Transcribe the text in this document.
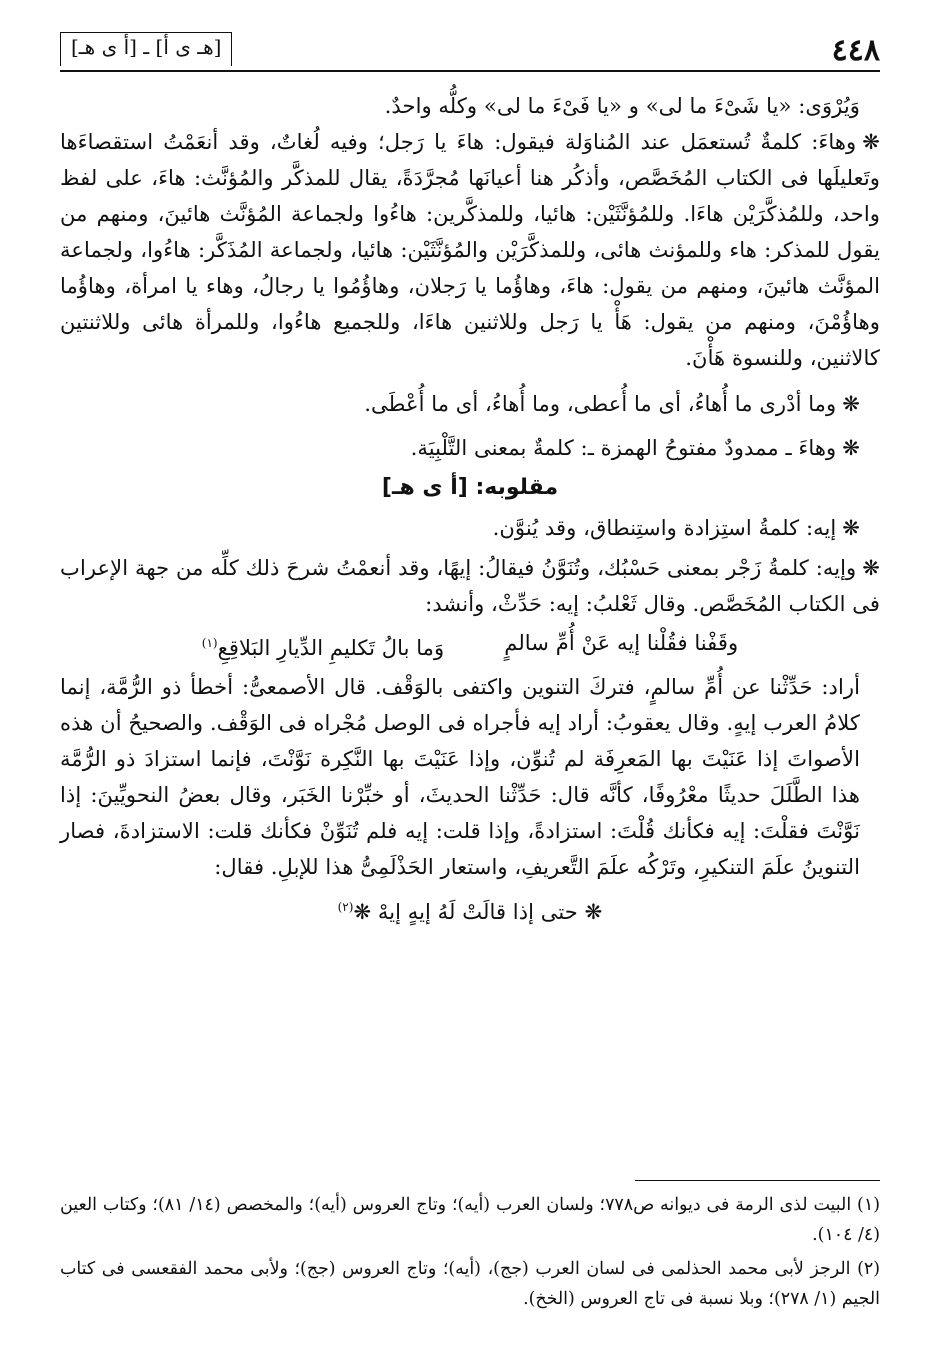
٤٤٨
[هـ ى أ] ـ [أ ى هـ]

وَيُرْوَى: «يا شَىْءَ ما لى» و «يا فَىْءَ ما لى» وكلُّه واحدٌ.

❋وهاءَ: كلمةٌ تُستعمَل عند المُناوَلة فيقول: هاءَ يا رَجل؛ وفيه لُغاتٌ، وقد أنعَمْتُ استقصاءَها وتَعليلَها فى الكتاب المُخَصَّص، وأذكُر هنا أعيانَها مُجرَّدَةً، يقال للمذكَّر والمُؤنَّث: هاءَ، على لفظ واحد، وللمُذكَّرَيْن هاءَا. وللمُؤنَّثَيْن: هائيا، وللمذكَّرين: هاءُوا ولجماعة المُؤنَّث هائينَ، ومنهم من يقول للمذكر: هاء وللمؤنث هائى، وللمذكَّرَيْن والمُؤنَّثَيْن: هائيا، ولجماعة المُذَكَّر: هاءُوا، ولجماعة المؤنَّث هائينَ، ومنهم من يقول: هاءَ، وهاؤُما يا رَجلان، وهاؤُمُوا يا رجالُ، وهاء يا امرأة، وهاؤُما وهاؤُمْنَ، ومنهم من يقول: هَأْ يا رَجل وللاثنين هاءَا، وللجميع هاءُوا، وللمرأة هائى وللاثنتين كالاثنين، وللنسوة هَأْنَ.

❋وما أدْرى ما أُهاءُ، أى ما أُعطى، وما أُهاءُ، أى ما أُعْطَى.

❋وهاءَ ـ ممدودٌ مفتوحُ الهمزة ـ: كلمةٌ بمعنى التَّلْبِيَة.

مقلوبه: [أ ى هـ]

❋إيه: كلمةُ استِزادة واستِنطاق، وقد يُنوَّن.

❋وإيه: كلمةُ زَجْر بمعنى حَسْبُك، وتُنَوَّنُ فيقالُ: إيهًا، وقد أنعمْتُ شرحَ ذلك كلِّه من جهة الإعراب فى الكتاب المُخَصَّص. وقال ثَعْلبُ: إيه: حَدِّثْ، وأنشد:

وقَفْنا فقُلْنا إيه عَنْ أُمِّ سالمٍ
وَما بالُ تَكليمِ الدِّيارِ البَلاقِعِ$^{(١)}$

أراد: حَدِّثْنا عن أُمِّ سالمٍ، فتركَ التنوين واكتفى بالوَقْف. قال الأصمعىُّ: أخطأ ذو الرُّمَّة، إنما كلامُ العرب إيهٍ. وقال يعقوبُ: أراد إيه فأجراه فى الوصل مُجْراه فى الوَقْف. والصحيحُ أن هذه الأصواتَ إذا عَنَيْتَ بها المَعرِفَة لم تُنوِّن، وإذا عَنَيْتَ بها النَّكِرة نَوَّنْتَ، فإنما استزادَ ذو الرُّمَّة هذا الطَّلَلَ حديثًا معْرُوفًا، كأنَّه قال: حَدِّثْنا الحديثَ، أو خبِّرْنا الخَبَر، وقال بعضُ النحويِّينَ: إذا نَوَّنْتَ فقلْتَ: إيه فكأنك قُلْتَ: استزادةً، وإذا قلت: إيه فلم تُنَوِّنْ فكأنك قلت: الاستزادةَ، فصار التنوينُ علَمَ التنكيرِ، وتَرْكُه علَمَ التَّعريفِ، واستعار الحَذْلَمِىُّ هذا للإبلِ. فقال:

❋ حتى إذا قالَتْ لَهُ إيهٍ إيهْ ❋$^{(٢)}$

(١) البيت لذى الرمة فى ديوانه ص٧٧٨؛ ولسان العرب (أيه)؛ وتاج العروس (أيه)؛ والمخصص (١٤/ ٨١)؛ وكتاب العين (٤/ ١٠٤).

(٢) الرجز لأبى محمد الحذلمى فى لسان العرب (جج)، (أيه)؛ وتاج العروس (جج)؛ ولأبى محمد الفقعسى فى كتاب الجيم (١/ ٢٧٨)؛ وبلا نسبة فى تاج العروس (الخخ).
